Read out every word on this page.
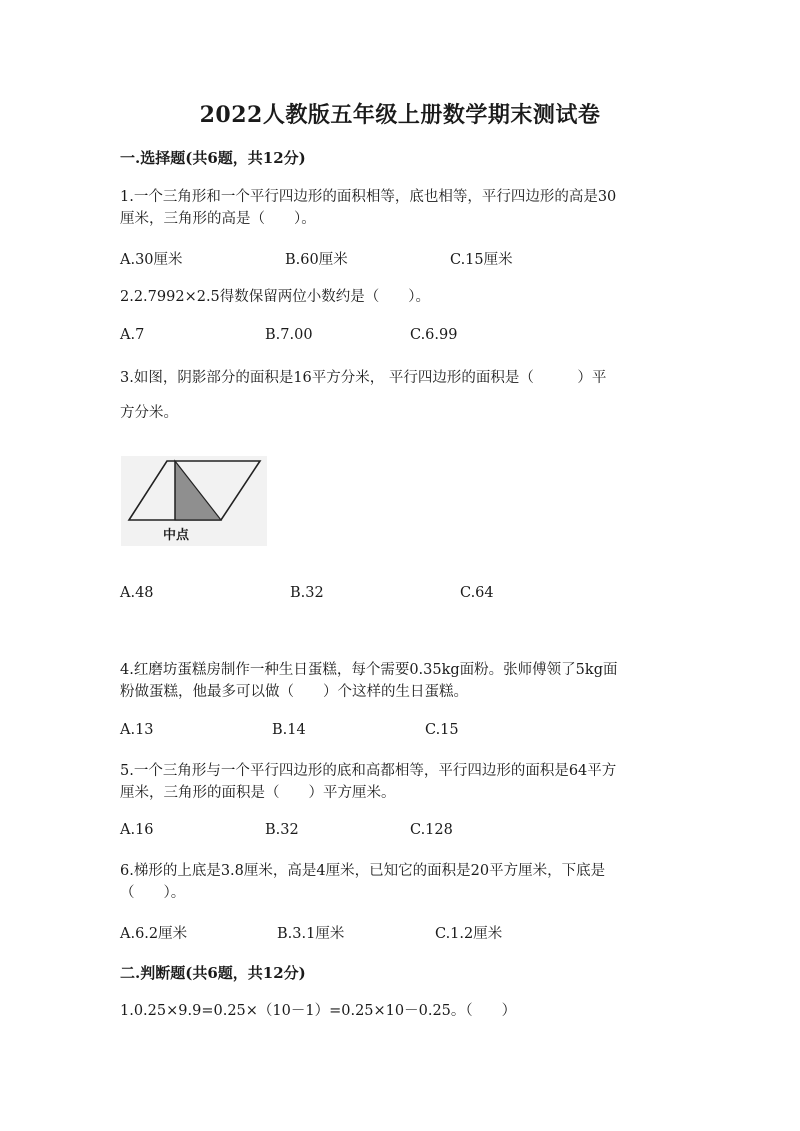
2022人教版五年级上册数学期末测试卷
一.选择题(共6题，共12分)
1.一个三角形和一个平行四边形的面积相等，底也相等，平行四边形的高是30
厘米，三角形的高是（　　）。
A.30厘米	B.60厘米	C.15厘米
2.2.7992×2.5得数保留两位小数约是（　　）。
A.7	B.7.00	C.6.99
3.如图，阴影部分的面积是16平方分米， 平行四边形的面积是（　　　）平
方分米。
中点
A.48	B.32	C.64
4.红磨坊蛋糕房制作一种生日蛋糕，每个需要0.35kg面粉。张师傅领了5kg面
粉做蛋糕，他最多可以做（　　）个这样的生日蛋糕。
A.13	B.14	C.15
5.一个三角形与一个平行四边形的底和高都相等，平行四边形的面积是64平方
厘米，三角形的面积是（　　）平方厘米。
A.16	B.32	C.128
6.梯形的上底是3.8厘米，高是4厘米，已知它的面积是20平方厘米，下底是
（　　）。
A.6.2厘米	B.3.1厘米	C.1.2厘米
二.判断题(共6题，共12分)
1.0.25×9.9=0.25×（10－1）=0.25×10－0.25。（　　）
